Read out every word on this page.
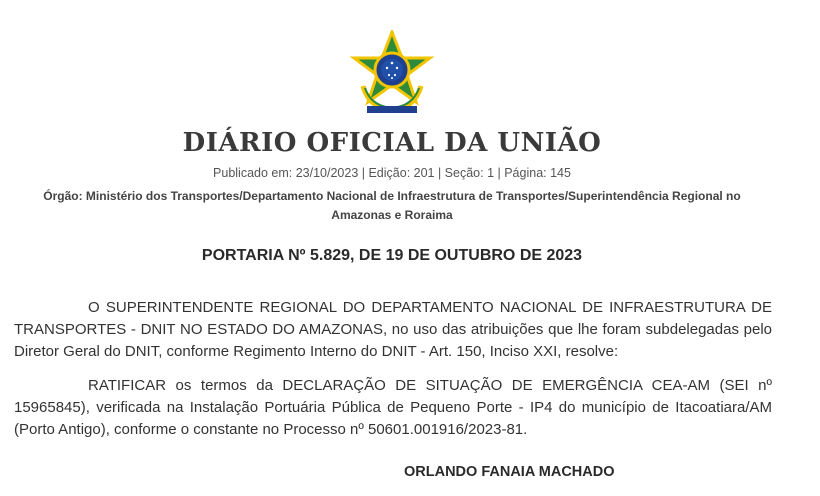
DIÁRIO OFICIAL DA UNIÃO
Publicado em: 23/10/2023 | Edição: 201 | Seção: 1 | Página: 145
Órgão: Ministério dos Transportes/Departamento Nacional de Infraestrutura de Transportes/Superintendência Regional no Amazonas e Roraima
PORTARIA Nº 5.829, DE 19 DE OUTUBRO DE 2023

O SUPERINTENDENTE REGIONAL DO DEPARTAMENTO NACIONAL DE INFRAESTRUTURA DE TRANSPORTES - DNIT NO ESTADO DO AMAZONAS, no uso das atribuições que lhe foram subdelegadas pelo Diretor Geral do DNIT, conforme Regimento Interno do DNIT - Art. 150, Inciso XXI, resolve:

RATIFICAR os termos da DECLARAÇÃO DE SITUAÇÃO DE EMERGÊNCIA CEA-AM (SEI nº 15965845), verificada na Instalação Portuária Pública de Pequeno Porte - IP4 do município de Itacoatiara/AM (Porto Antigo), conforme o constante no Processo nº 50601.001916/2023-81.

ORLANDO FANAIA MACHADO
